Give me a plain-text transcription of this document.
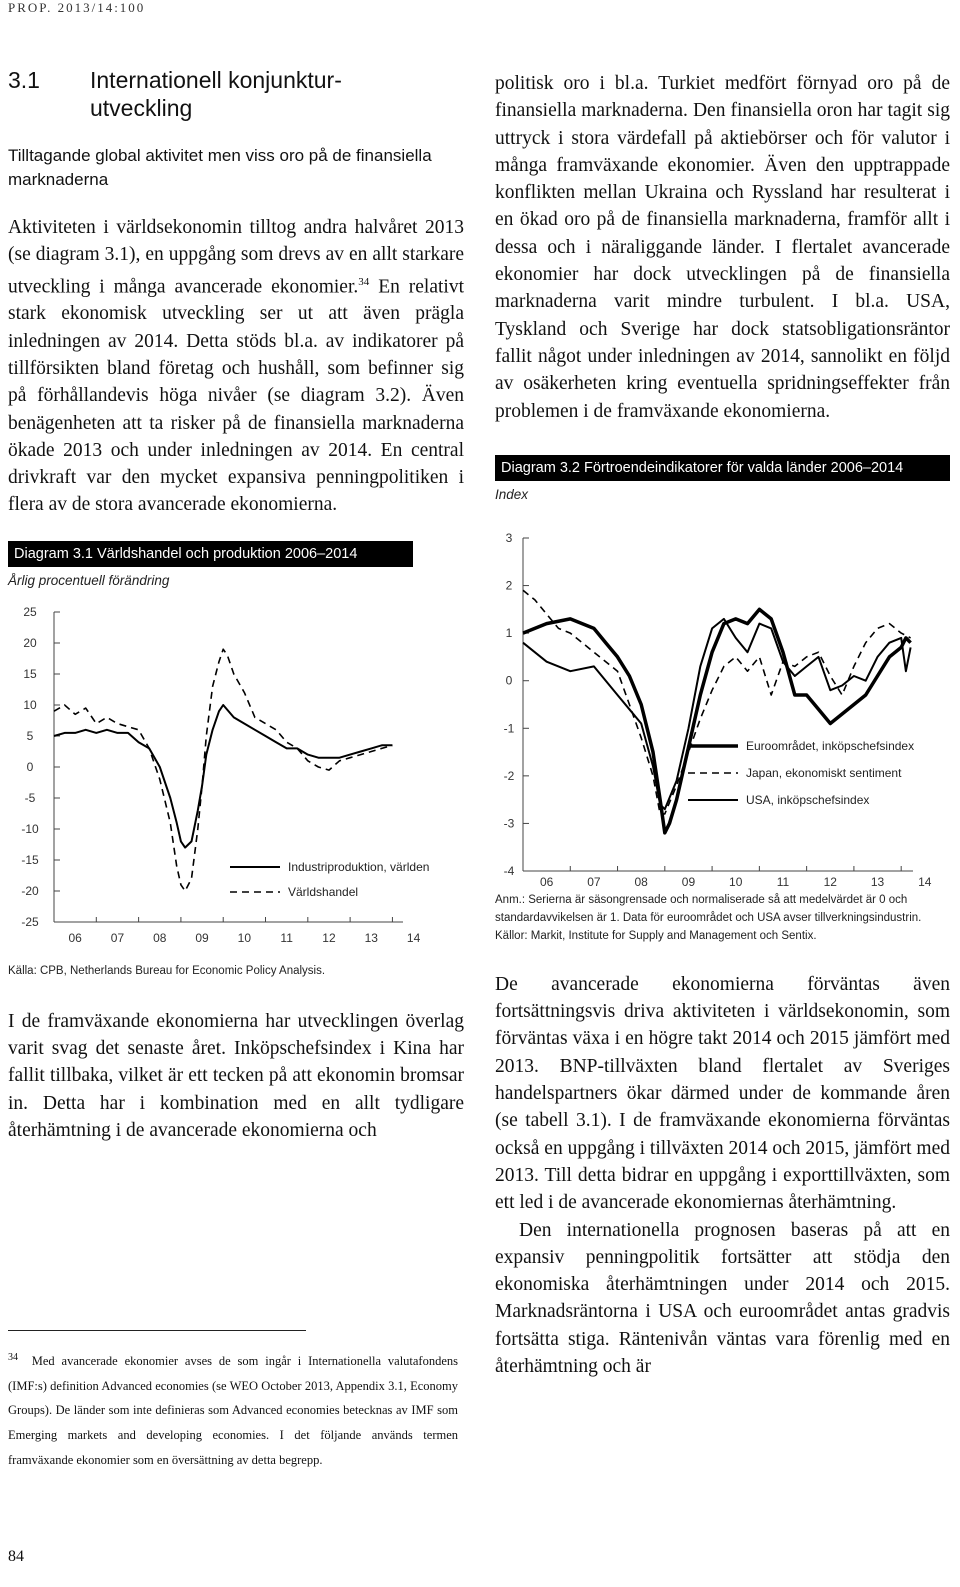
PROP. 2013/14:100
3.1	Internationell konjunktur-
utveckling
Tilltagande global aktivitet men viss oro på de finansiella marknaderna

Aktiviteten i världsekonomin tilltog andra halvåret 2013 (se diagram 3.1), en uppgång som drevs av en allt starkare utveckling i många avancerade ekonomier.$^{34}$ En relativt stark ekonomisk utveckling ser ut att även prägla inledningen av 2014. Detta stöds bl.a. av indikatorer på tillförsikten bland företag och hushåll, som befinner sig på förhållandevis höga nivåer (se diagram 3.2). Även benägenheten att ta risker på de finansiella marknaderna ökade 2013 och under inledningen av 2014. En central drivkraft var den mycket expansiva penningpolitiken i flera av de stora avancerade ekonomierna.

Diagram 3.1 Världshandel och produktion 2006–2014
Årlig procentuell förändring
25
20
15
10
5
0
-5
-10
-15
-20
-25
06 07 08 09 10 11 12 13 14
Industriproduktion, världen
Världshandel
Källa: CPB, Netherlands Bureau for Economic Policy Analysis.

I de framväxande ekonomierna har utvecklingen överlag varit svag det senaste året. Inköpschefsindex i Kina har fallit tillbaka, vilket är ett tecken på att ekonomin bromsar in. Detta har i kombination med en allt tydligare återhämtning i de avancerade ekonomierna och

$^{34}$ Med avancerade ekonomier avses de som ingår i Internationella valutafondens (IMF:s) definition Advanced economies (se WEO October 2013, Appendix 3.1, Economy Groups). De länder som inte definieras som Advanced economies betecknas av IMF som Emerging markets and developing economies. I det följande används termen framväxande ekonomier som en översättning av detta begrepp.

politisk oro i bl.a. Turkiet medfört förnyad oro på de finansiella marknaderna. Den finansiella oron har tagit sig uttryck i stora värdefall på aktiebörser och för valutor i många framväxande ekonomier. Även den upptrappade konflikten mellan Ukraina och Ryssland har resulterat i en ökad oro på de finansiella marknaderna, framför allt i dessa och i näraliggande länder. I flertalet avancerade ekonomier har dock utvecklingen på de finansiella marknaderna varit mindre turbulent. I bl.a. USA, Tyskland och Sverige har dock statsobligationsräntor fallit något under inledningen av 2014, sannolikt en följd av osäkerheten kring eventuella spridningseffekter från problemen i de framväxande ekonomierna.

Diagram 3.2 Förtroendeindikatorer för valda länder 2006–2014
Index
3
2
1
0
-1
-2
-3
-4
06	07	08	09	10	11	12	13	14
Euroområdet, inköpschefsindex
Japan, ekonomiskt sentiment
USA, inköpschefsindex
Anm.: Serierna är säsongrensade och normaliserade så att medelvärdet är 0 och standardavvikelsen är 1. Data för euroområdet och USA avser tillverkningsindustrin.
Källor: Markit, Institute for Supply and Management och Sentix.

De avancerade ekonomierna förväntas även fortsättningsvis driva aktiviteten i världsekonomin, som förväntas växa i en högre takt 2014 och 2015 jämfört med 2013. BNP-tillväxten bland flertalet av Sveriges handelspartners ökar därmed under de kommande åren (se tabell 3.1). I de framväxande ekonomierna förväntas också en uppgång i tillväxten 2014 och 2015, jämfört med 2013. Till detta bidrar en uppgång i exporttillväxten, som ett led i de avancerade ekonomiernas återhämtning.

Den internationella prognosen baseras på att en expansiv penningpolitik fortsätter att stödja den ekonomiska återhämtningen under 2014 och 2015. Marknadsräntorna i USA och euroområdet antas gradvis fortsätta stiga. Räntenivån väntas vara förenlig med en återhämtning och är

84
